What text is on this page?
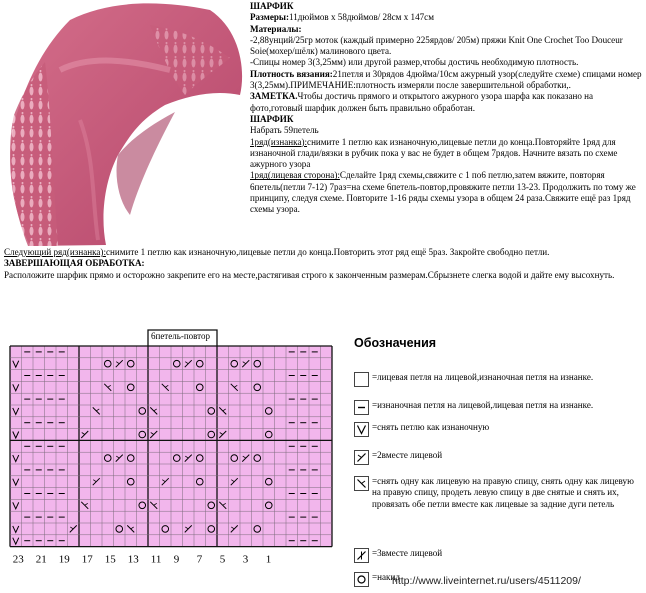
ШАРФИК

Размеры:11дюймов х 58дюймов/ 28см х 147см

Материалы:

-2,88унций/25гр моток (каждый примерно 225ярдов/ 205м) пряжи Knit One Crochet Too Douceur Soie(мохер/шёлк) малинового цвета.

-Спицы номер 3(3,25мм) или другой размер,чтобы достичь необходимую плотность.

Плотность вязания:21петля и 30рядов 4дюйма/10см ажурный узор(следуйте схеме) спицами номер 3(3,25мм).ПРИМЕЧАНИЕ:плотность измеряли после завершительной обработки,.

ЗАМЕТКА.Чтобы достичь прямого и открытого ажурного узора шарфа как показано на фото,готовый шарфик должен быть правильно обработан.

ШАРФИК

Набрать 59петель

1ряд(изнанка):снимите 1 петлю как изнаночную,лицевые петли до конца.Повторяйте 1ряд для изнаночной глади/вязки в рубчик пока у вас не будет в общем 7рядов. Начните вязать по схеме ажурного узора

1ряд(лицевая сторона):Сделайте 1ряд схемы,свяжите с 1 по6 петлю,затем вяжите, повторяя 6петель(петли 7-12) 7раз=на схеме 6петель-повтор,провяжите петли 13-23. Продолжить по тому же принципу, следуя схеме. Повторите 1-16 ряды схемы узора в общем 24 раза.Свяжите ещё раз 1ряд схемы узора.

Следующий ряд(изнанка):снимите 1 петлю как изнаночную,лицевые петли до конца.Повторить этот ряд ещё 5раз. Закройте свободно петли.

ЗАВЕРШАЮЩАЯ ОБРАБОТКА:

Расположите шарфик прямо и осторожно закрепите его на месте,растягивая строго к законченным размерам.Сбрызнете слегка водой и дайте ему высохнуть.

6петель-повтор
23 21 19 17 15 13 11 9 7 5 3 1
Обозначения
=лицевая петля на лицевой,изнаночная петля на изнанке.
=изнаночная петля на лицевой,лицевая петля на изнанке.
=снять петлю как изнаночную
=2вместе лицевой
=снять одну как лицевую на правую спицу, снять одну как лицевую на правую спицу, продеть левую спицу в две снятые и снять их, провязать обе петли вместе как лицевые за задние дуги петель
=3вместе лицевой
=накид
http://www.liveinternet.ru/users/4511209/
